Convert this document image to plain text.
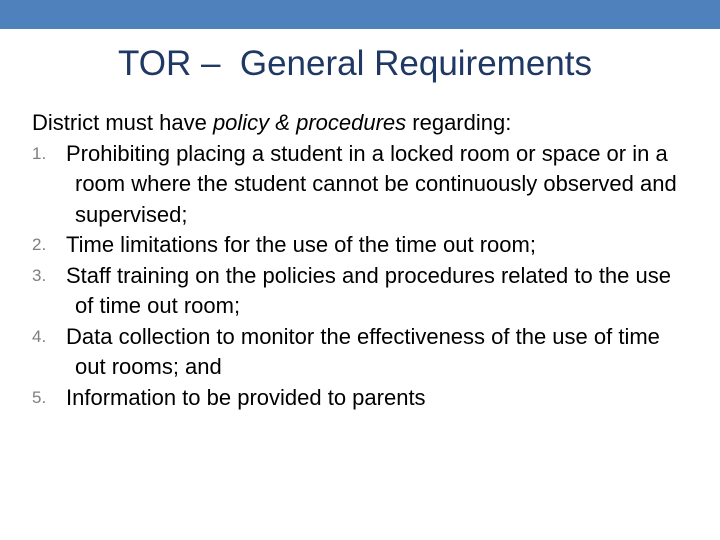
TOR –  General Requirements

District must have policy & procedures regarding:

1. Prohibiting placing a student in a locked room or space or in a room where the student cannot be continuously observed and supervised;
2. Time limitations for the use of the time out room;
3. Staff training on the policies and procedures related to the use of time out room;
4. Data collection to monitor the effectiveness of the use of time out rooms; and
5. Information to be provided to parents
